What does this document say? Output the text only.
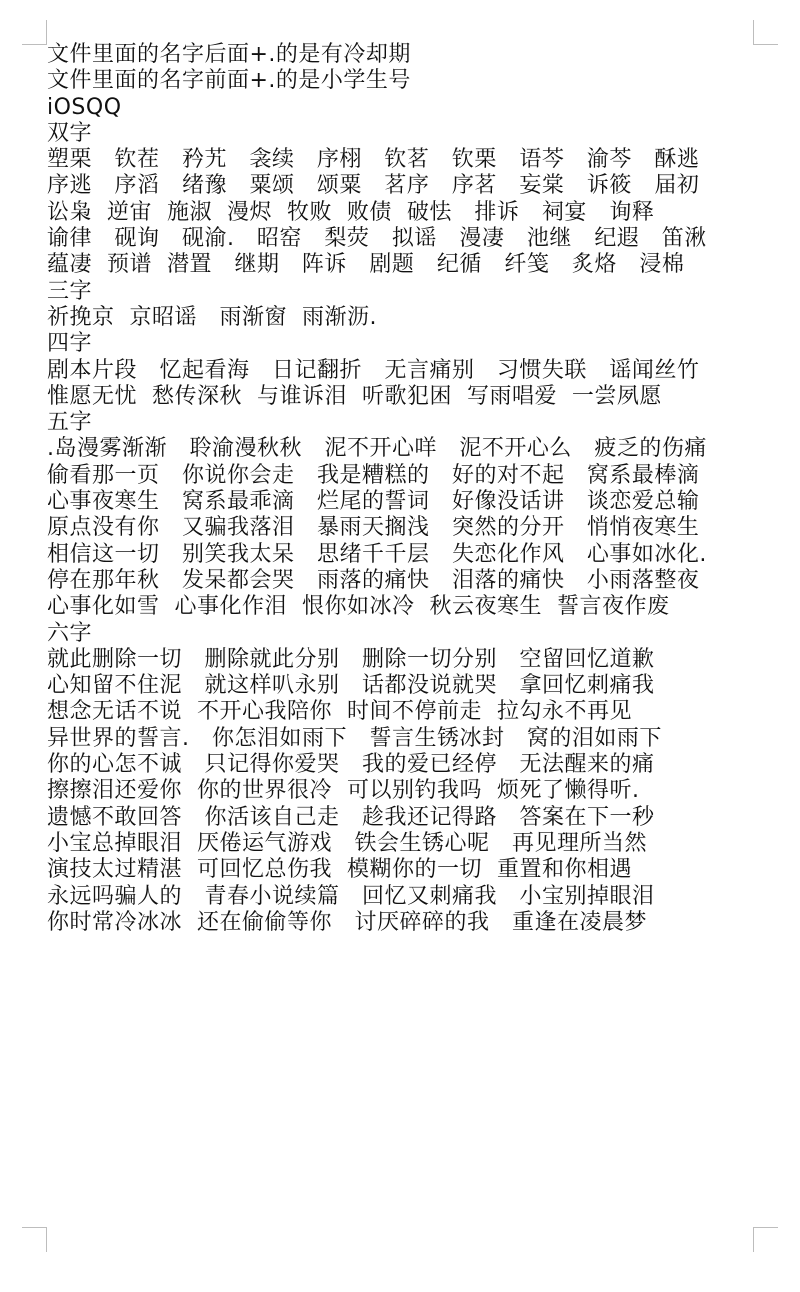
文件里面的名字后面+.的是有冷却期
文件里面的名字前面+.的是小学生号
iOSQQ
双字
塑栗   钦茬   矜艽   衾续   序栩   钦茗   钦栗   语芩   渝芩   酥逃
序逃   序滔   绪豫   粟颂   颂粟   茗序   序茗   妄棠   诉筱   届初
讼枭  逆宙  施淑  漫烬  牧败  败债  破怯   排诉   祠宴   询释
谕律   砚询   砚渝.   昭窑   梨荧   拟谣   漫凄   池继   纪遐   笛湫
蕴凄  预谱  潜置   继期   阵诉   剧题   纪循   纤笺   炙烙   浸棉
三字
祈挽京  京昭谣   雨渐窗  雨渐沥.
四字
剧本片段   忆起看海   日记翻折   无言痛别   习惯失联   谣闻丝竹
惟愿无忧  愁传深秋  与谁诉泪  听歌犯困  写雨唱爱  一尝夙愿
五字
.岛漫雾渐渐   聆渝漫秋秋   泥不开心咩   泥不开心么   疲乏的伤痛
偷看那一页   你说你会走   我是糟糕的   好的对不起   窝系最棒滴
心事夜寒生   窝系最乖滴   烂尾的誓词   好像没话讲   谈恋爱总输
原点没有你   又骗我落泪   暴雨天搁浅   突然的分开   悄悄夜寒生
相信这一切   别笑我太呆   思绪千千层   失恋化作风   心事如冰化.
停在那年秋   发呆都会哭   雨落的痛快   泪落的痛快   小雨落整夜
心事化如雪  心事化作泪  恨你如冰冷  秋云夜寒生  誓言夜作废
六字
就此删除一切   删除就此分别   删除一切分别   空留回忆道歉
心知留不住泥   就这样叭永别   话都没说就哭   拿回忆刺痛我
想念无话不说  不开心我陪你  时间不停前走  拉勾永不再见
异世界的誓言.   你怎泪如雨下   誓言生锈冰封   窝的泪如雨下
你的心怎不诚   只记得你爱哭   我的爱已经停   无法醒来的痛
擦擦泪还爱你  你的世界很冷  可以别钓我吗  烦死了懒得听.
遗憾不敢回答   你活该自己走   趁我还记得路   答案在下一秒
小宝总掉眼泪  厌倦运气游戏   铁会生锈心呢   再见理所当然
演技太过精湛  可回忆总伤我  模糊你的一切  重置和你相遇
永远吗骗人的   青春小说续篇   回忆又刺痛我   小宝别掉眼泪
你时常冷冰冰  还在偷偷等你   讨厌碎碎的我   重逢在凌晨梦
